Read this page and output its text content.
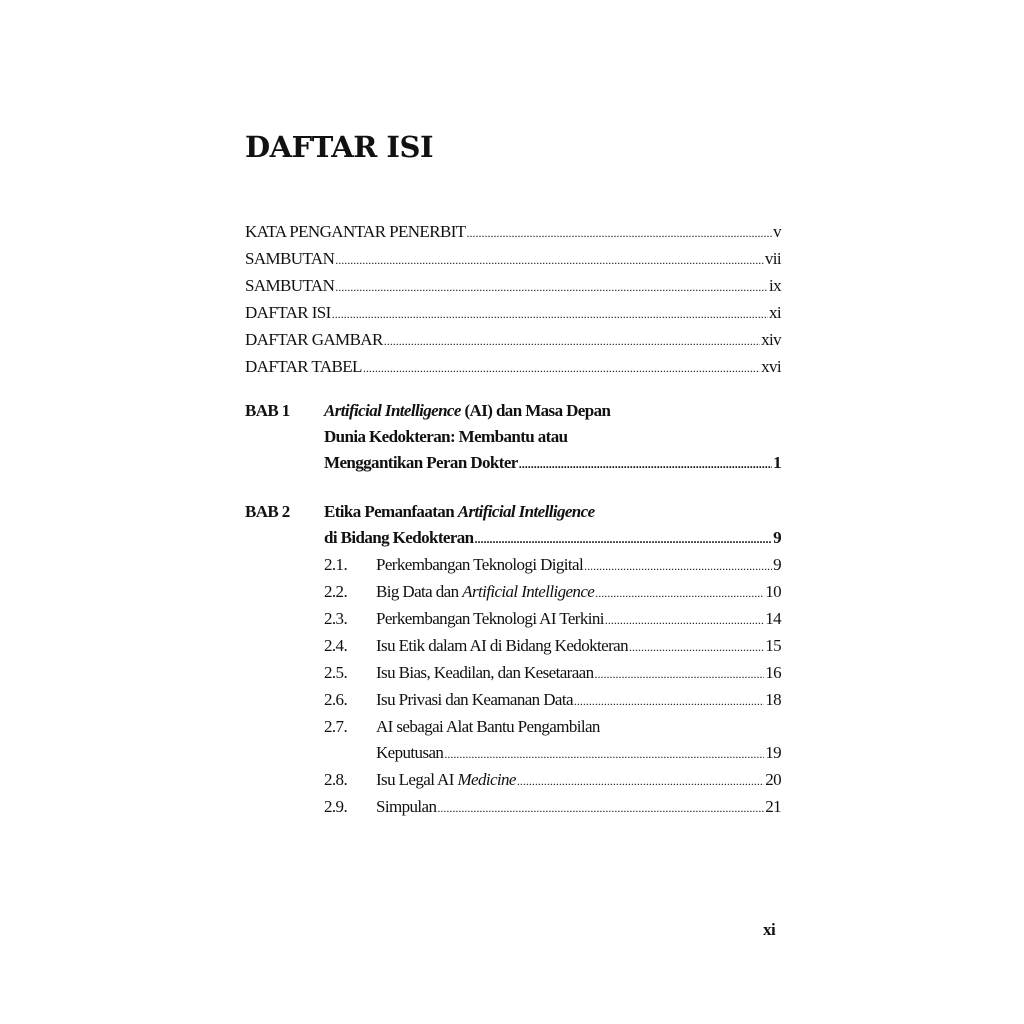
DAFTAR ISI
KATA PENGANTAR PENERBIT .....	v
SAMBUTAN .....	vii
SAMBUTAN .....	ix
DAFTAR ISI .....	xi
DAFTAR GAMBAR .....	xiv
DAFTAR TABEL .....	xvi
BAB 1 Artificial Intelligence (AI) dan Masa Depan
Dunia Kedokteran: Membantu atau
Menggantikan Peran Dokter .....	1
BAB 2 Etika Pemanfaatan Artificial Intelligence
di Bidang Kedokteran .....	9
2.1.	Perkembangan Teknologi Digital .....	9
2.2.	Big Data dan Artificial Intelligence .....	10
2.3.	Perkembangan Teknologi AI Terkini .....	14
2.4.	Isu Etik dalam AI di Bidang Kedokteran .....	15
2.5.	Isu Bias, Keadilan, dan Kesetaraan .....	16
2.6.	Isu Privasi dan Keamanan Data .....	18
2.7.	AI sebagai Alat Bantu Pengambilan
Keputusan .....	19
2.8.	Isu Legal AI Medicine .....	20
2.9.	Simpulan .....	21
xi
